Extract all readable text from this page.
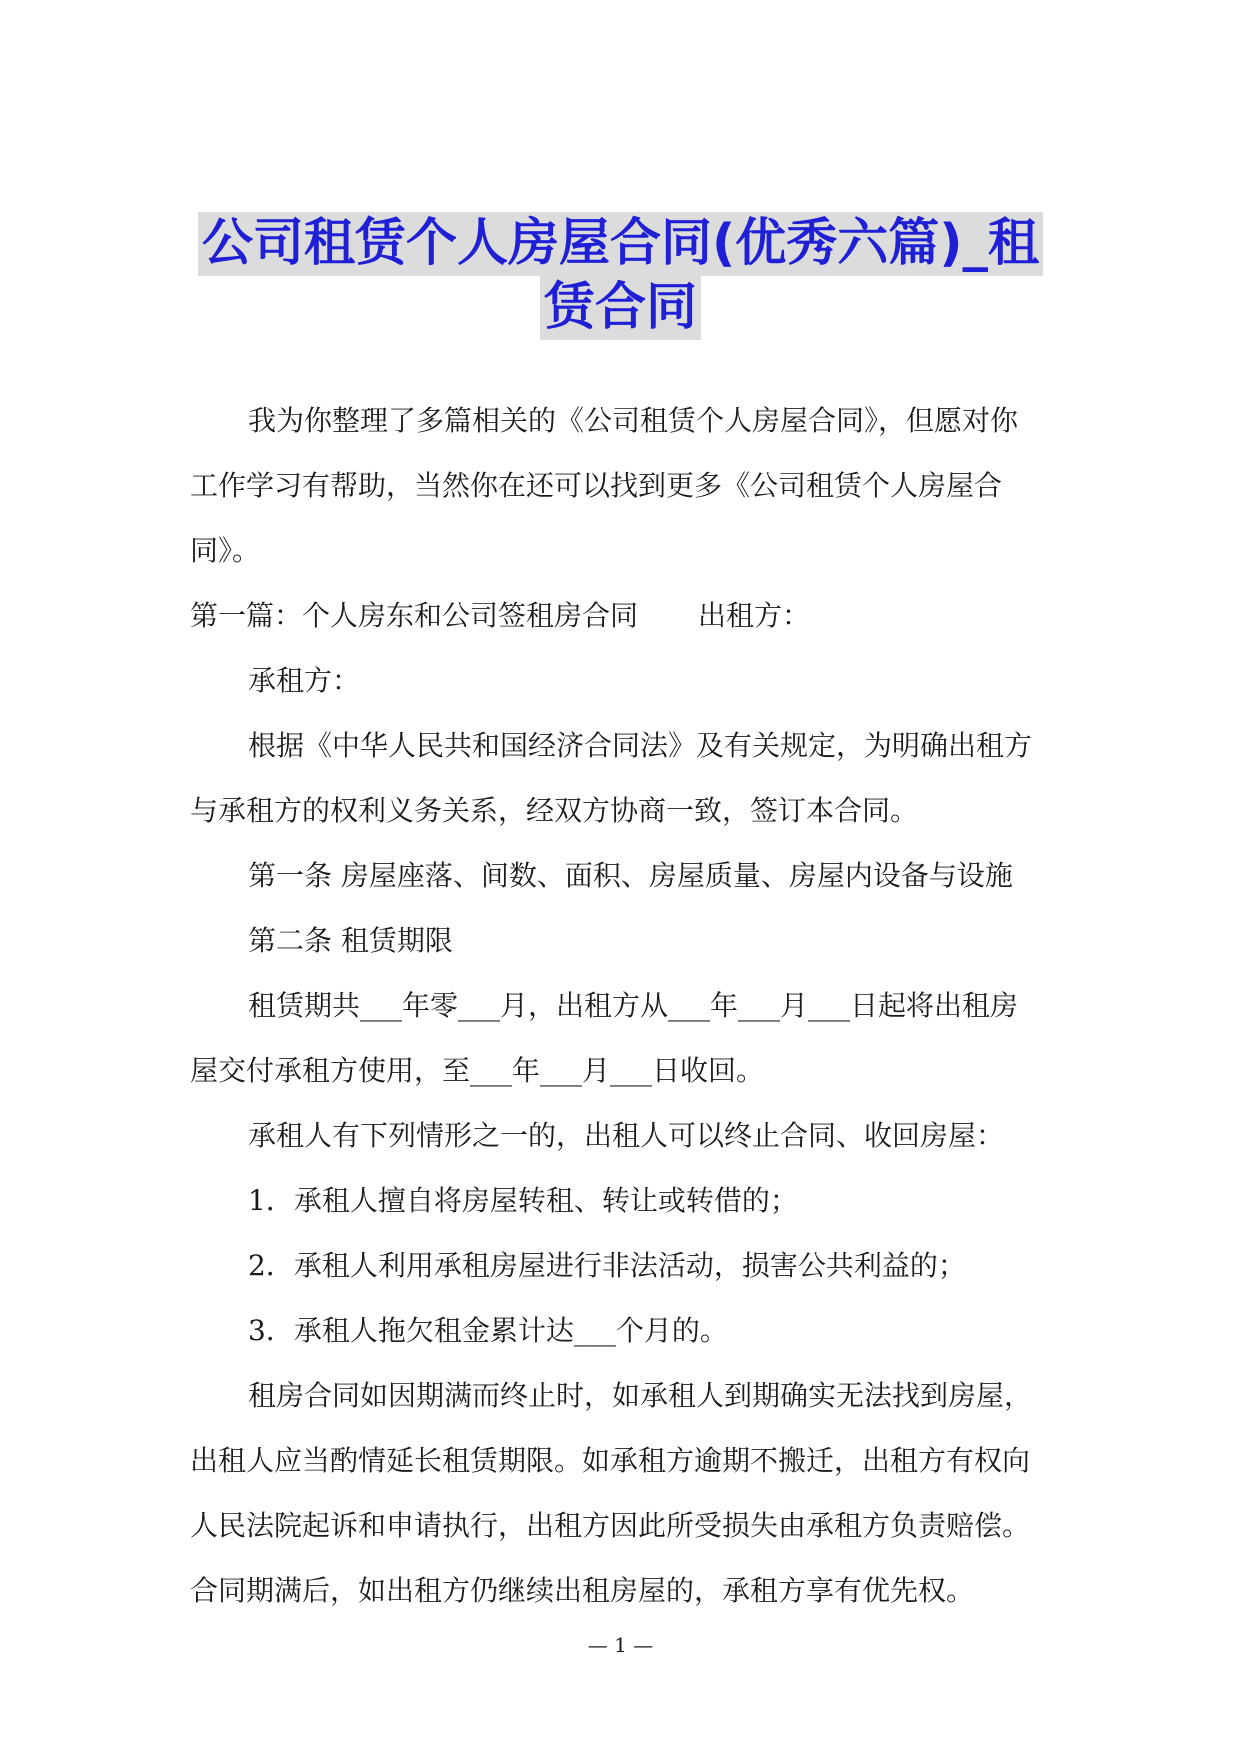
公司租赁个人房屋合同(优秀六篇)_租
赁合同

我为你整理了多篇相关的《公司租赁个人房屋合同》，但愿对你

工作学习有帮助，当然你在还可以找到更多《公司租赁个人房屋合

同》。

第一篇：个人房东和公司签租房合同 出租方：

承租方：

根据《中华人民共和国经济合同法》及有关规定，为明确出租方

与承租方的权利义务关系，经双方协商一致，签订本合同。

第一条 房屋座落、间数、面积、房屋质量、房屋内设备与设施

第二条 租赁期限

租赁期共___年零___月，出租方从___年___月___日起将出租房

屋交付承租方使用，至___年___月___日收回。

承租人有下列情形之一的，出租人可以终止合同、收回房屋：

1．承租人擅自将房屋转租、转让或转借的；

2．承租人利用承租房屋进行非法活动，损害公共利益的；

3．承租人拖欠租金累计达___个月的。

租房合同如因期满而终止时，如承租人到期确实无法找到房屋，

出租人应当酌情延长租赁期限。如承租方逾期不搬迁，出租方有权向

人民法院起诉和申请执行，出租方因此所受损失由承租方负责赔偿。

合同期满后，如出租方仍继续出租房屋的，承租方享有优先权。

— 1 —
